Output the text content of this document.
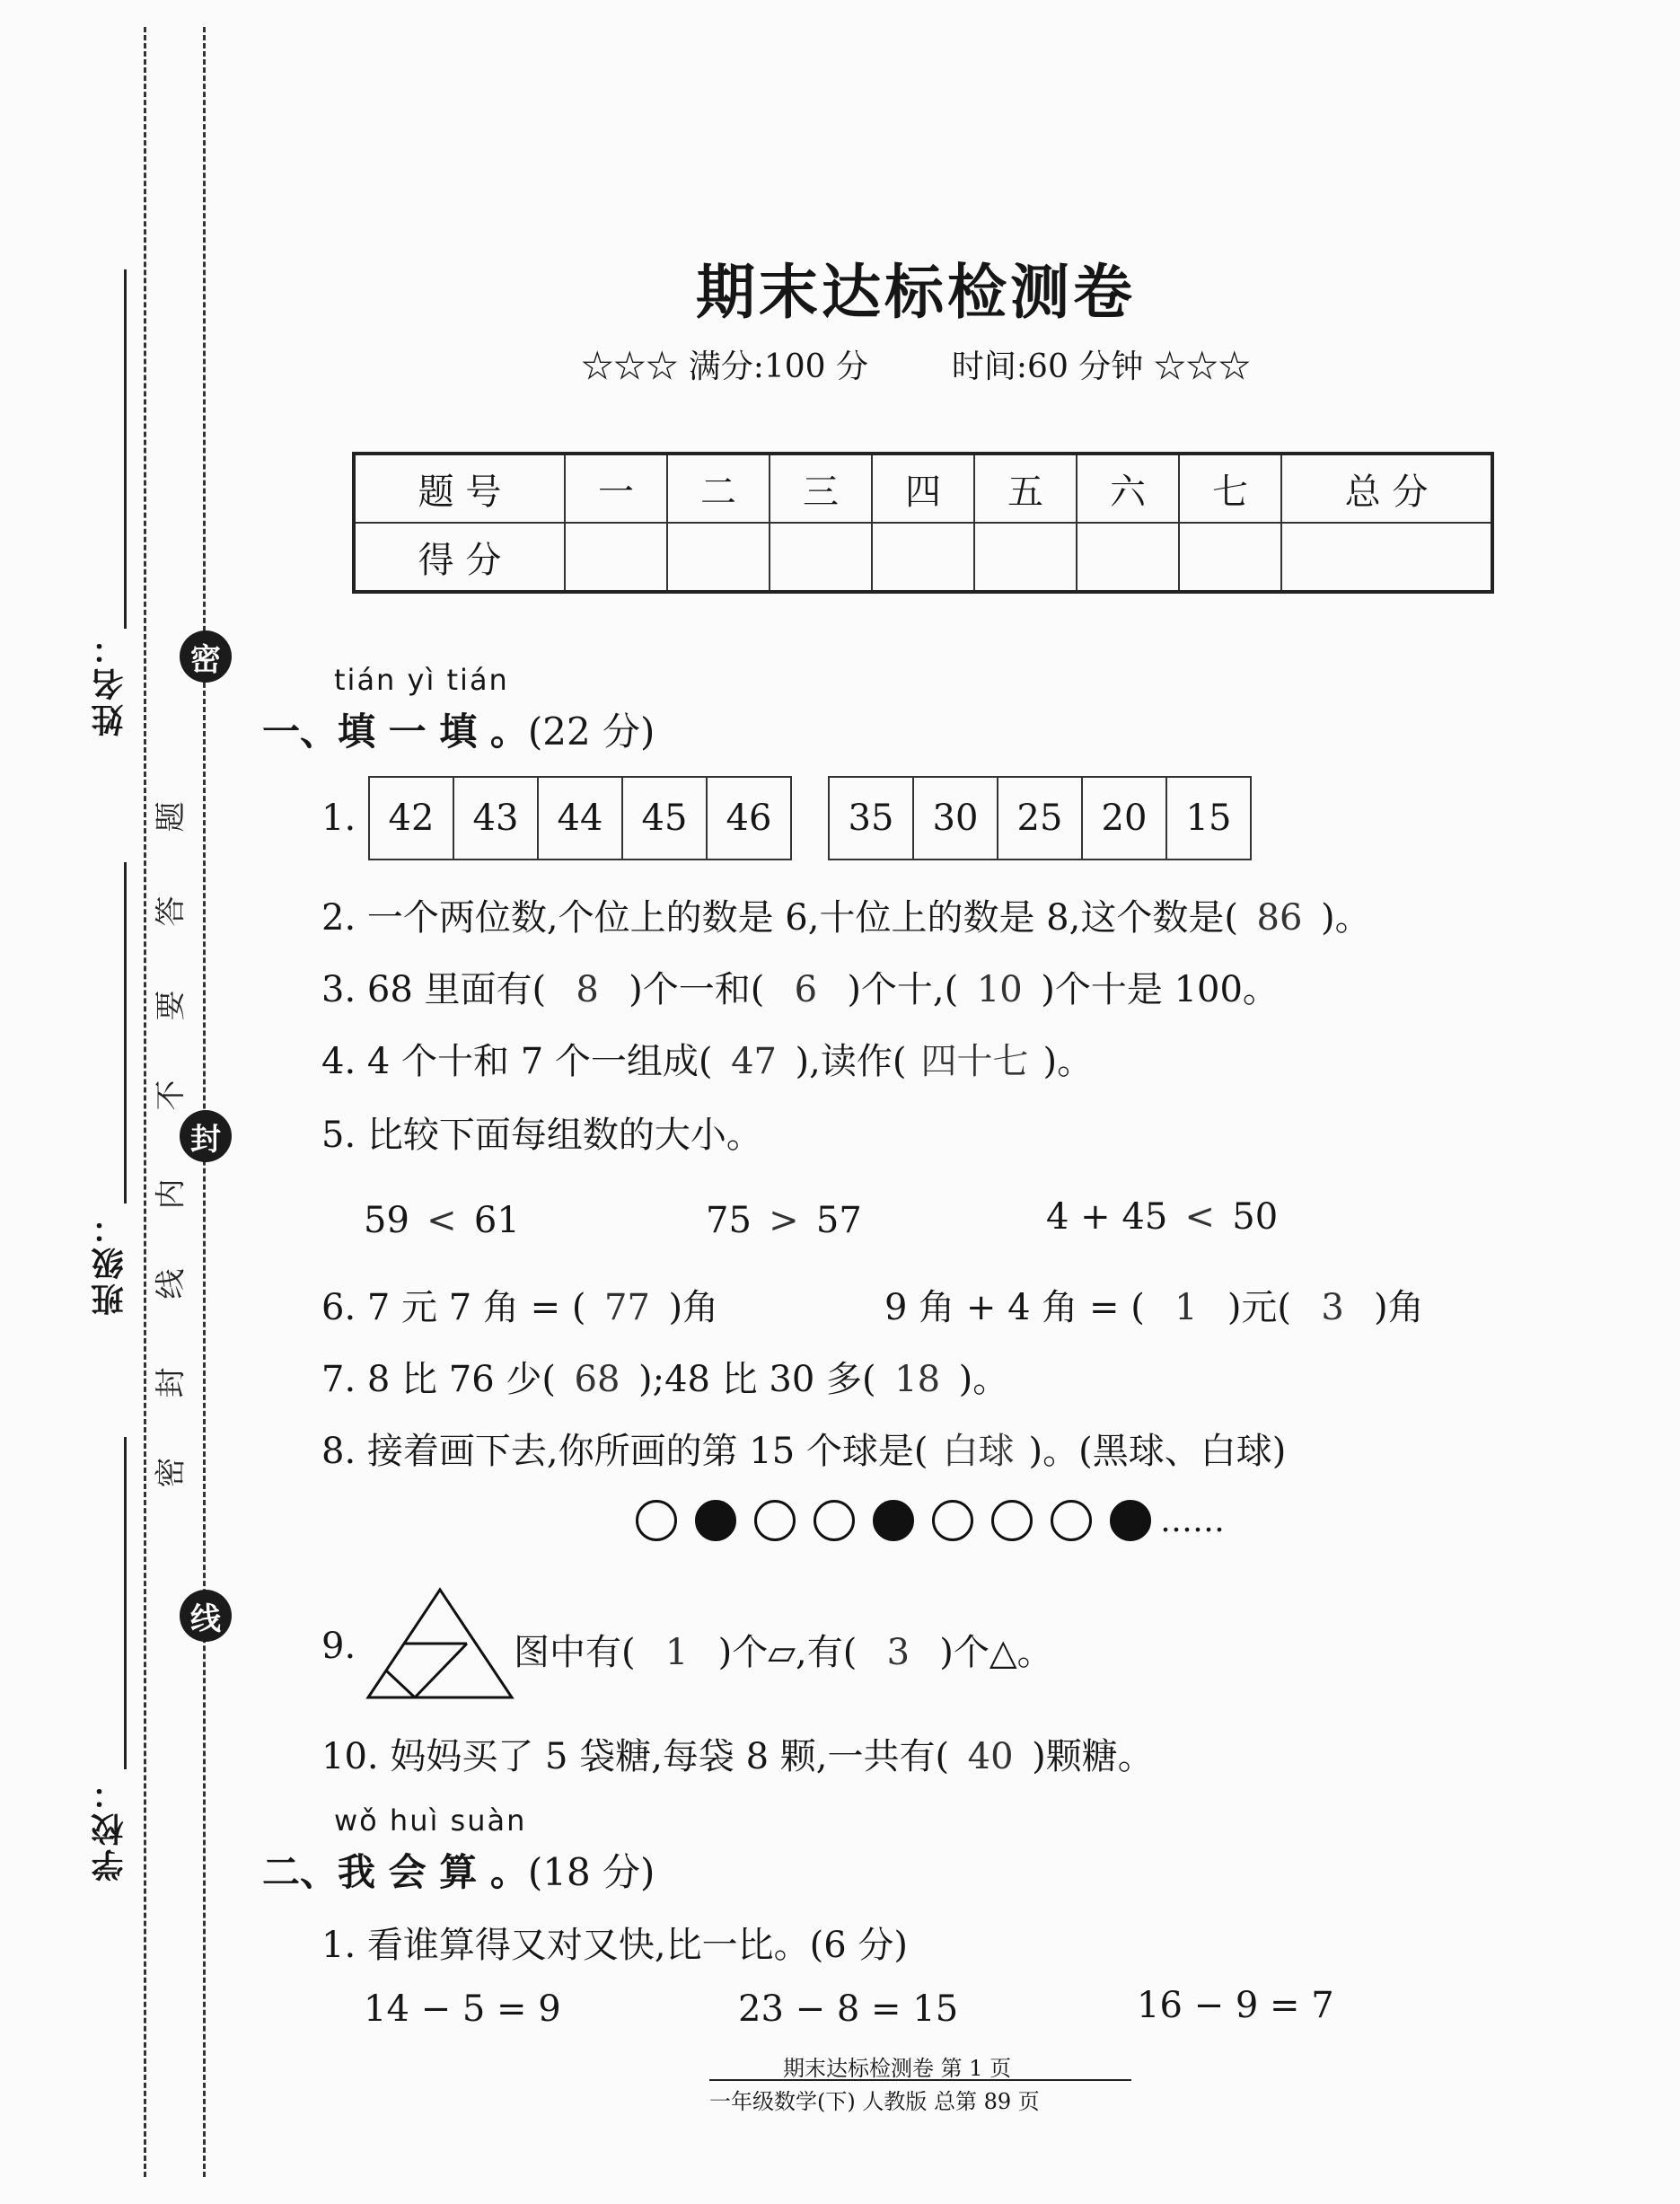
姓名：
班级：
学校：
密
封
线
题
答
要
不
内
线
封
密
期末达标检测卷
☆☆☆ 满分:100 分	时间:60 分钟 ☆☆☆
题 号	一	二	三	四	五	六	七	总 分
得 分								
tián yì tián
一、填 一 填 。(22 分)
1. 42	43	44	45	46	35	30	25	20	15
2. 一个两位数,个位上的数是 6,十位上的数是 8,这个数是( 86 )。
3. 68 里面有( 8 )个一和( 6 )个十,( 10 )个十是 100。
4. 4 个十和 7 个一组成( 47 ),读作( 四十七 )。
5. 比较下面每组数的大小。
59 < 61	75 > 57	4 + 45 < 50
6. 7 元 7 角 = ( 77 )角	9 角 + 4 角 = ( 1 )元( 3 )角
7. 8 比 76 少( 68 );48 比 30 多( 18 )。
8. 接着画下去,你所画的第 15 个球是( 白球 )。(黑球、白球)
……
9.	图中有( 1 )个▱,有( 3 )个△。
10. 妈妈买了 5 袋糖,每袋 8 颗,一共有( 40 )颗糖。
wǒ huì suàn
二、我 会 算 。(18 分)
1. 看谁算得又对又快,比一比。(6 分)
14 − 5 = 9	23 − 8 = 15	16 − 9 = 7
期末达标检测卷 第 1 页
一年级数学(下) 人教版 总第 89 页
